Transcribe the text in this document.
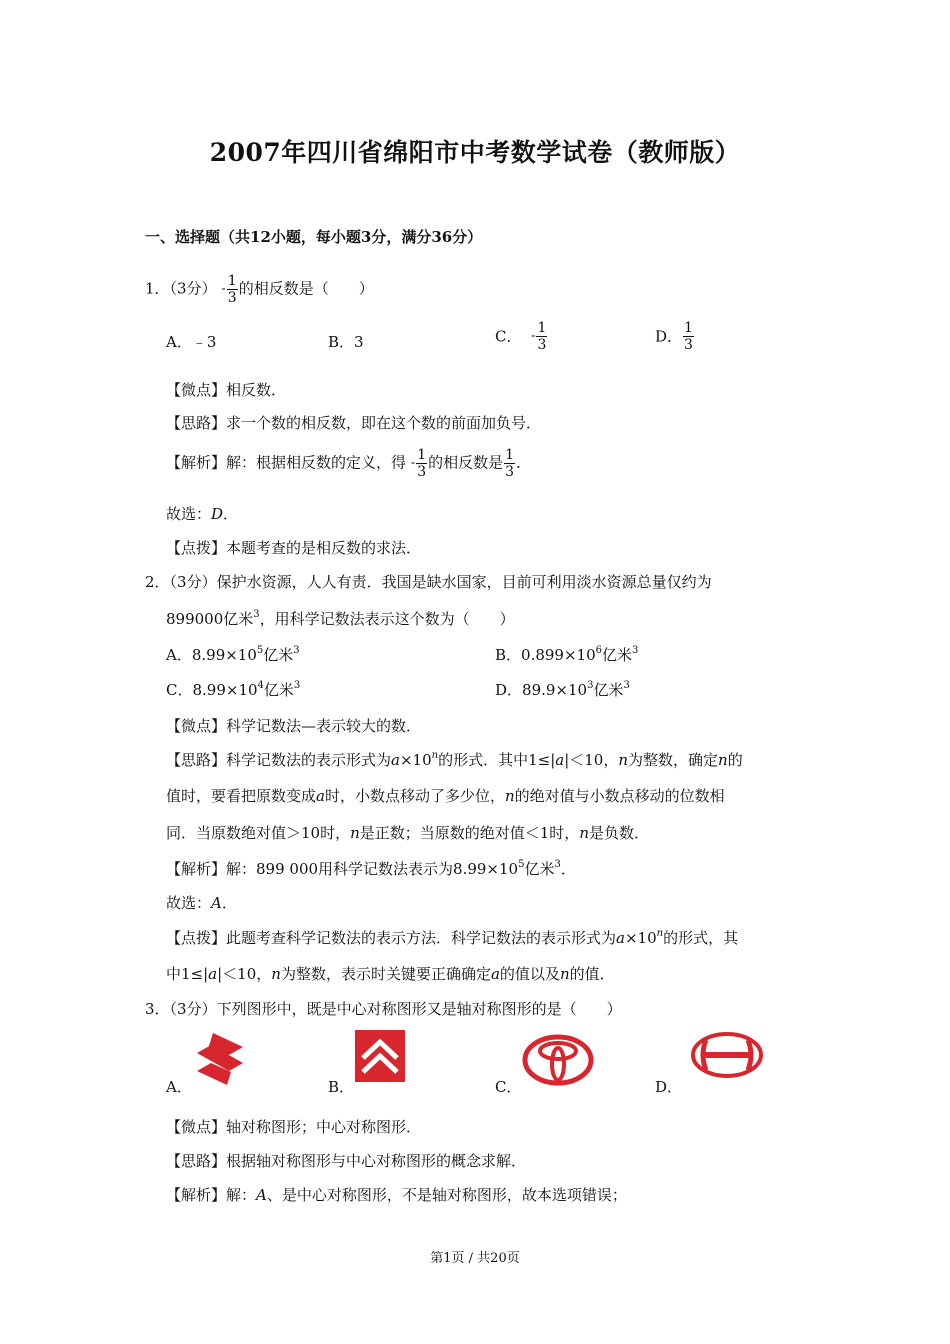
2007年四川省绵阳市中考数学试卷（教师版）
一、选择题（共12小题，每小题3分，满分36分）
1．（3分） - $\frac{1}{3}$ 的相反数是（　　）
A．﹣3	B．3	C． - $\frac{1}{3}$	D． $\frac{1}{3}$
【微点】相反数．
【思路】求一个数的相反数，即在这个数的前面加负号．
【解析】解：根据相反数的定义，得 - $\frac{1}{3}$ 的相反数是 $\frac{1}{3}$ ．
故选：D．
【点拨】本题考查的是相反数的求法．
2．（3分）保护水资源，人人有责．我国是缺水国家，目前可利用淡水资源总量仅约为
899000亿米$^3$，用科学记数法表示这个数为（　　）
A．$8.99\times 10^5$亿米$^3$	B．$0.899\times 10^6$亿米$^3$
C．$8.99\times 10^4$亿米$^3$	D．$89.9\times 10^3$亿米$^3$
【微点】科学记数法—表示较大的数．
【思路】科学记数法的表示形式为$a\times 10^n$的形式．其中1≤|a|＜10，n为整数，确定n的
值时，要看把原数变成a时，小数点移动了多少位，n的绝对值与小数点移动的位数相
同．当原数绝对值＞10时，n是正数；当原数的绝对值＜1时，n是负数．
【解析】解：899 000用科学记数法表示为$8.99\times 10^5$亿米$^3$．
故选：A．
【点拨】此题考查科学记数法的表示方法．科学记数法的表示形式为$a\times 10^n$的形式，其
中1≤|a|＜10，n为整数，表示时关键要正确确定a的值以及n的值．
3．（3分）下列图形中，既是中心对称图形又是轴对称图形的是（　　）
A．	B．	C．	D．
【微点】轴对称图形；中心对称图形．
【思路】根据轴对称图形与中心对称图形的概念求解．
【解析】解：A、是中心对称图形，不是轴对称图形，故本选项错误；
第1页 / 共20页
